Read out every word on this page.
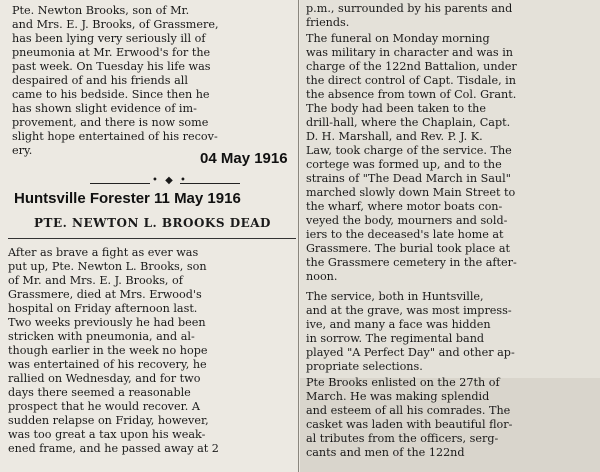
Pte. Newton Brooks, son of Mr.
and Mrs. E. J. Brooks, of Grassmere,
has been lying very seriously ill of
pneumonia at Mr. Erwood's for the
past week. On Tuesday his life was
despaired of and his friends all
came to his bedside. Since then he
has shown slight evidence of im-
provement, and there is now some
slight hope entertained of his recov-
ery.	04 May 1916
• ◆ •
Huntsville Forester 11 May 1916
PTE. NEWTON L. BROOKS DEAD

After as brave a fight as ever was
put up, Pte. Newton L. Brooks, son
of Mr. and Mrs. E. J. Brooks, of
Grassmere, died at Mrs. Erwood's
hospital on Friday afternoon last.
Two weeks previously he had been
stricken with pneumonia, and al-
though earlier in the week no hope
was entertained of his recovery, he
rallied on Wednesday, and for two
days there seemed a reasonable
prospect that he would recover. A
sudden relapse on Friday, however,
was too great a tax upon his weak-
ened frame, and he passed away at 2

p.m., surrounded by his parents and
friends.

The funeral on Monday morning
was military in character and was in
charge of the 122nd Battalion, under
the direct control of Capt. Tisdale, in
the absence from town of Col. Grant.
The body had been taken to the
drill-hall, where the Chaplain, Capt.
D. H. Marshall, and Rev. P. J. K.
Law, took charge of the service. The
cortege was formed up, and to the
strains of "The Dead March in Saul"
marched slowly down Main Street to
the wharf, where motor boats con-
veyed the body, mourners and sold-
iers to the deceased's late home at
Grassmere. The burial took place at
the Grassmere cemetery in the after-
noon.

The service, both in Huntsville,
and at the grave, was most impress-
ive, and many a face was hidden
in sorrow. The regimental band
played "A Perfect Day" and other ap-
propriate selections.

Pte Brooks enlisted on the 27th of
March. He was making splendid
and esteem of all his comrades. The
casket was laden with beautiful flor-
al tributes from the officers, serg-
cants and men of the 122nd
